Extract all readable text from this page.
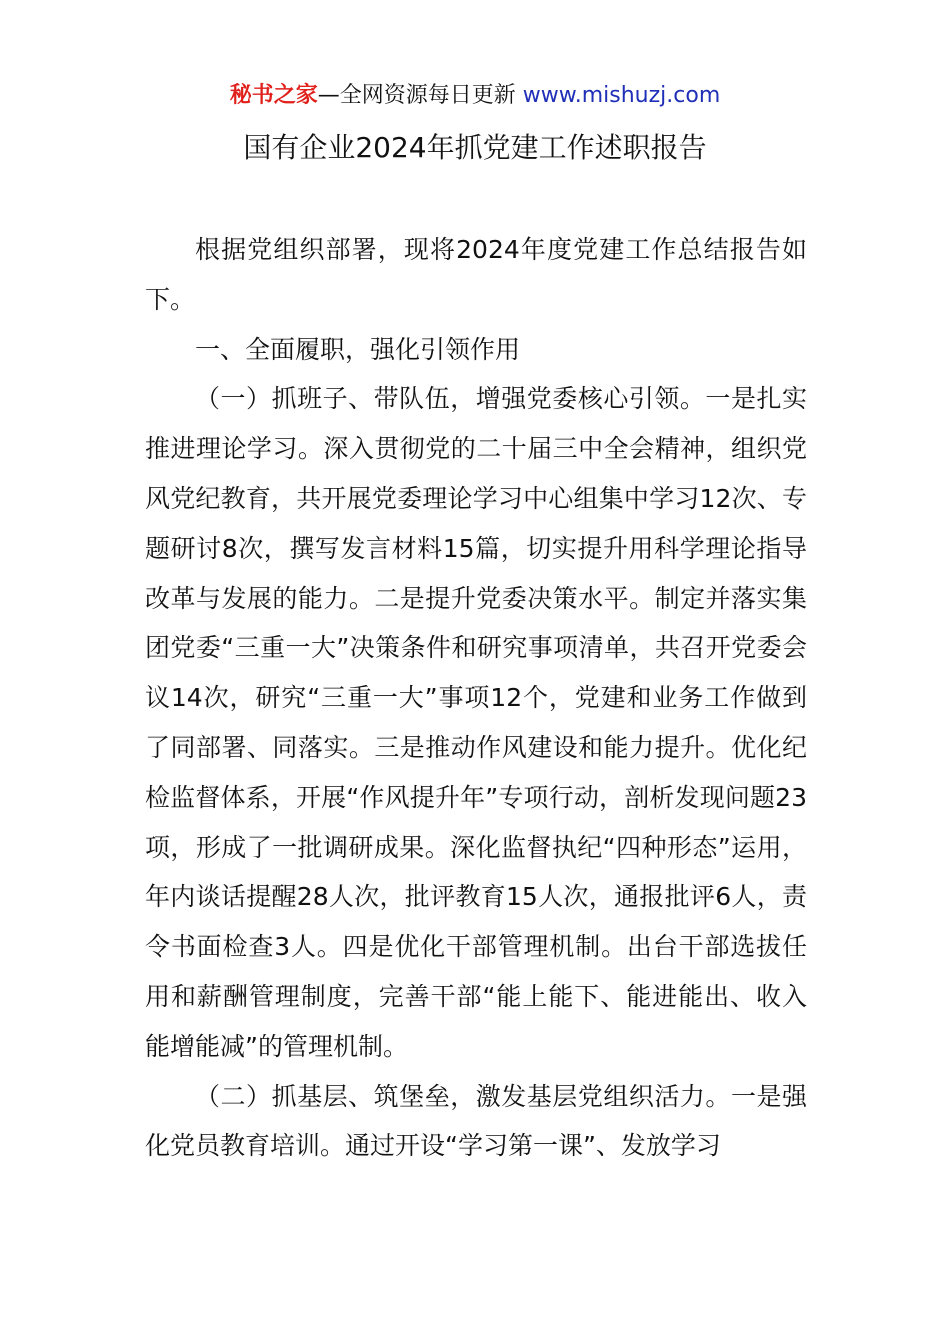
秘书之家—全网资源每日更新 www.mishuzj.com
国有企业2024年抓党建工作述职报告

根据党组织部署，现将2024年度党建工作总结报告如下。

一、全面履职，强化引领作用

（一）抓班子、带队伍，增强党委核心引领。一是扎实推进理论学习。深入贯彻党的二十届三中全会精神，组织党风党纪教育，共开展党委理论学习中心组集中学习12次、专题研讨8次，撰写发言材料15篇，切实提升用科学理论指导改革与发展的能力。二是提升党委决策水平。制定并落实集团党委“三重一大”决策条件和研究事项清单，共召开党委会议14次，研究“三重一大”事项12个，党建和业务工作做到了同部署、同落实。三是推动作风建设和能力提升。优化纪检监督体系，开展“作风提升年”专项行动，剖析发现问题23项，形成了一批调研成果。深化监督执纪“四种形态”运用，年内谈话提醒28人次，批评教育15人次，通报批评6人，责令书面检查3人。四是优化干部管理机制。出台干部选拔任用和薪酬管理制度，完善干部“能上能下、能进能出、收入能增能减”的管理机制。

（二）抓基层、筑堡垒，激发基层党组织活力。一是强化党员教育培训。通过开设“学习第一课”、发放学习
